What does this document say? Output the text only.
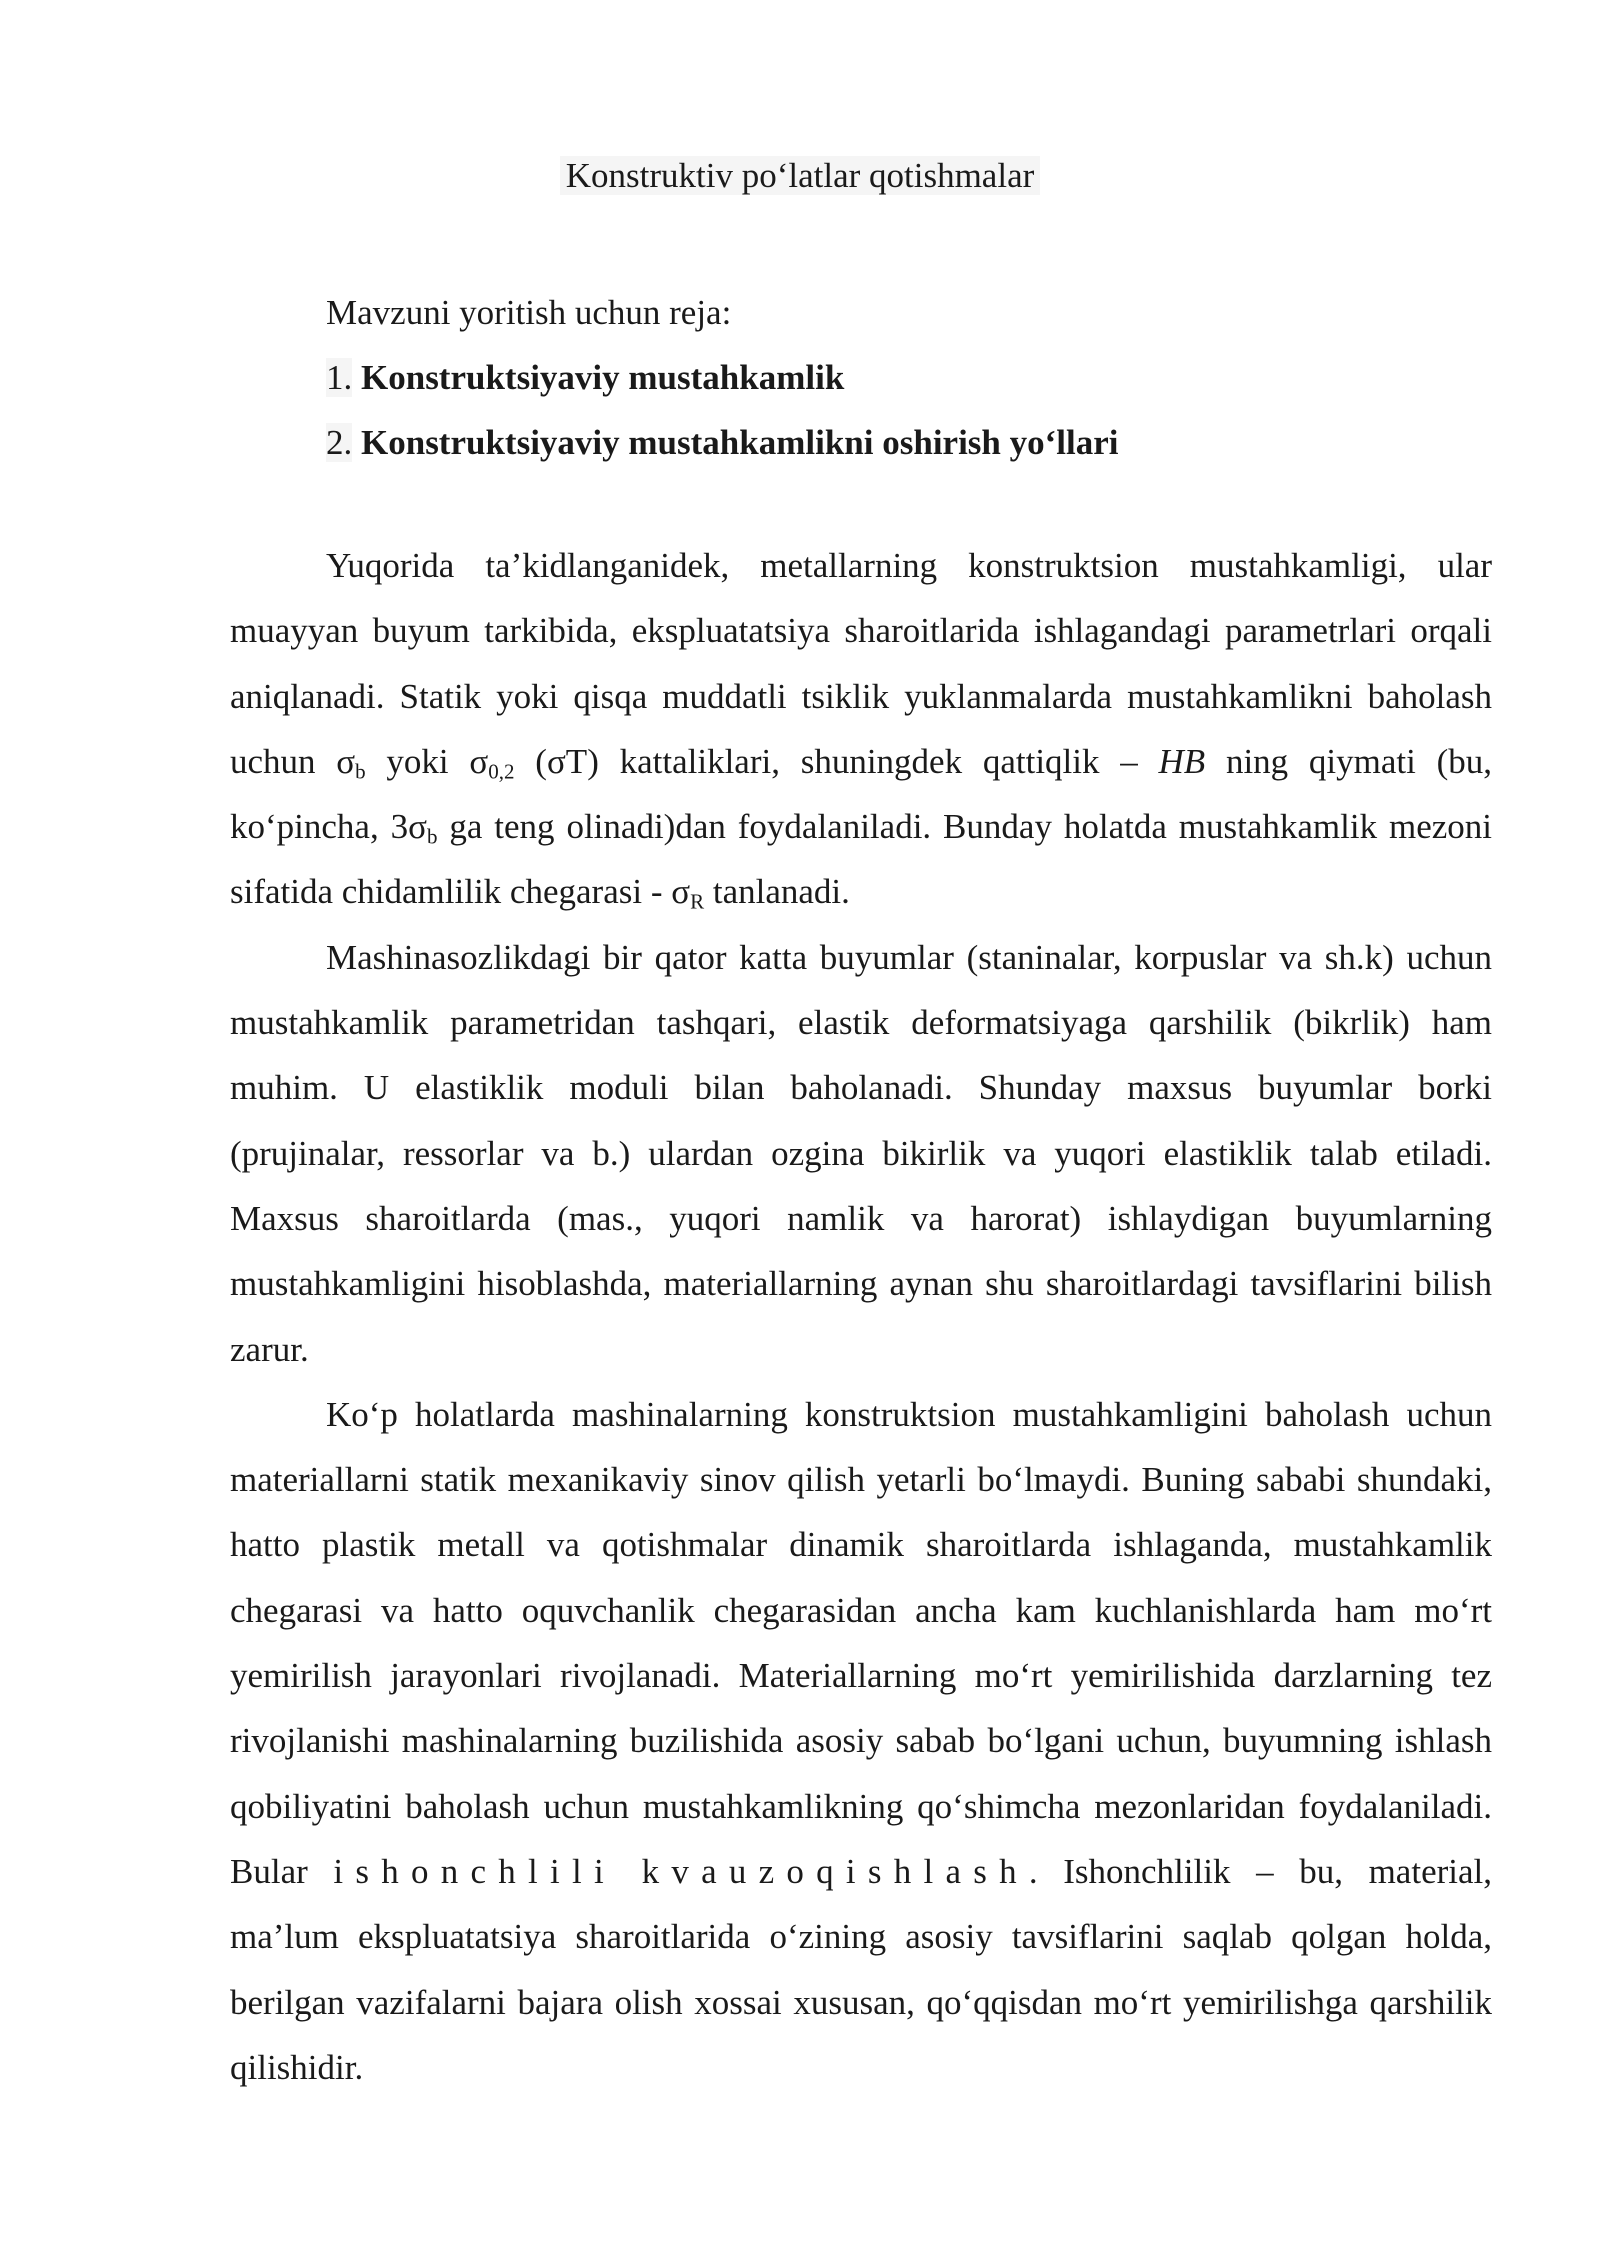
Konstruktiv po‘latlar qotishmalar
Mavzuni yoritish uchun reja:
1. Konstruktsiyaviy mustahkamlik
2. Konstruktsiyaviy mustahkamlikni oshirish yo‘llari

Yuqorida ta’kidlanganidek, metallarning konstruktsion mustahkamligi, ular muayyan buyum tarkibida, ekspluatatsiya sharoitlarida ishlagandagi parametrlari orqali aniqlanadi. Statik yoki qisqa muddatli tsiklik yuklanmalarda mustahkamlikni baholash uchun $\sigma_b$ yoki $\sigma_{0,2}$ (σT) kattaliklari, shuningdek qattiqlik – HB ning qiymati (bu, ko‘pincha, $3\sigma_b$ ga teng olinadi)dan foydalaniladi. Bunday holatda mustahkamlik mezoni sifatida chidamlilik chegarasi - $\sigma_R$ tanlanadi.

Mashinasozlikdagi bir qator katta buyumlar (staninalar, korpuslar va sh.k) uchun mustahkamlik parametridan tashqari, elastik deformatsiyaga qarshilik (bikrlik) ham muhim. U elastiklik moduli bilan baholanadi. Shunday maxsus buyumlar borki (prujinalar, ressorlar va b.) ulardan ozgina bikirlik va yuqori elastiklik talab etiladi. Maxsus sharoitlarda (mas., yuqori namlik va harorat) ishlaydigan buyumlarning mustahkamligini hisoblashda, materiallarning aynan shu sharoitlardagi tavsiflarini bilish zarur.

Ko‘p holatlarda mashinalarning konstruktsion mustahkamligini baholash uchun materiallarni statik mexanikaviy sinov qilish yetarli bo‘lmaydi. Buning sababi shundaki, hatto plastik metall va qotishmalar dinamik sharoitlarda ishlaganda, mustahkamlik chegarasi va hatto oquvchanlik chegarasidan ancha kam kuchlanishlarda ham mo‘rt yemirilish jarayonlari rivojlanadi. Materiallarning mo‘rt yemirilishida darzlarning tez rivojlanishi mashinalarning buzilishida asosiy sabab bo‘lgani uchun, buyumning ishlash qobiliyatini baholash uchun mustahkamlikning qo‘shimcha mezonlaridan foydalaniladi. Bular ishonchlili kvauzoqishlash. Ishonchlilik – bu, material, ma’lum ekspluatatsiya sharoitlarida o‘zining asosiy tavsiflarini saqlab qolgan holda, berilgan vazifalarni bajara olish xossai xususan, qo‘qqisdan mo‘rt yemirilishga qarshilik qilishidir.
